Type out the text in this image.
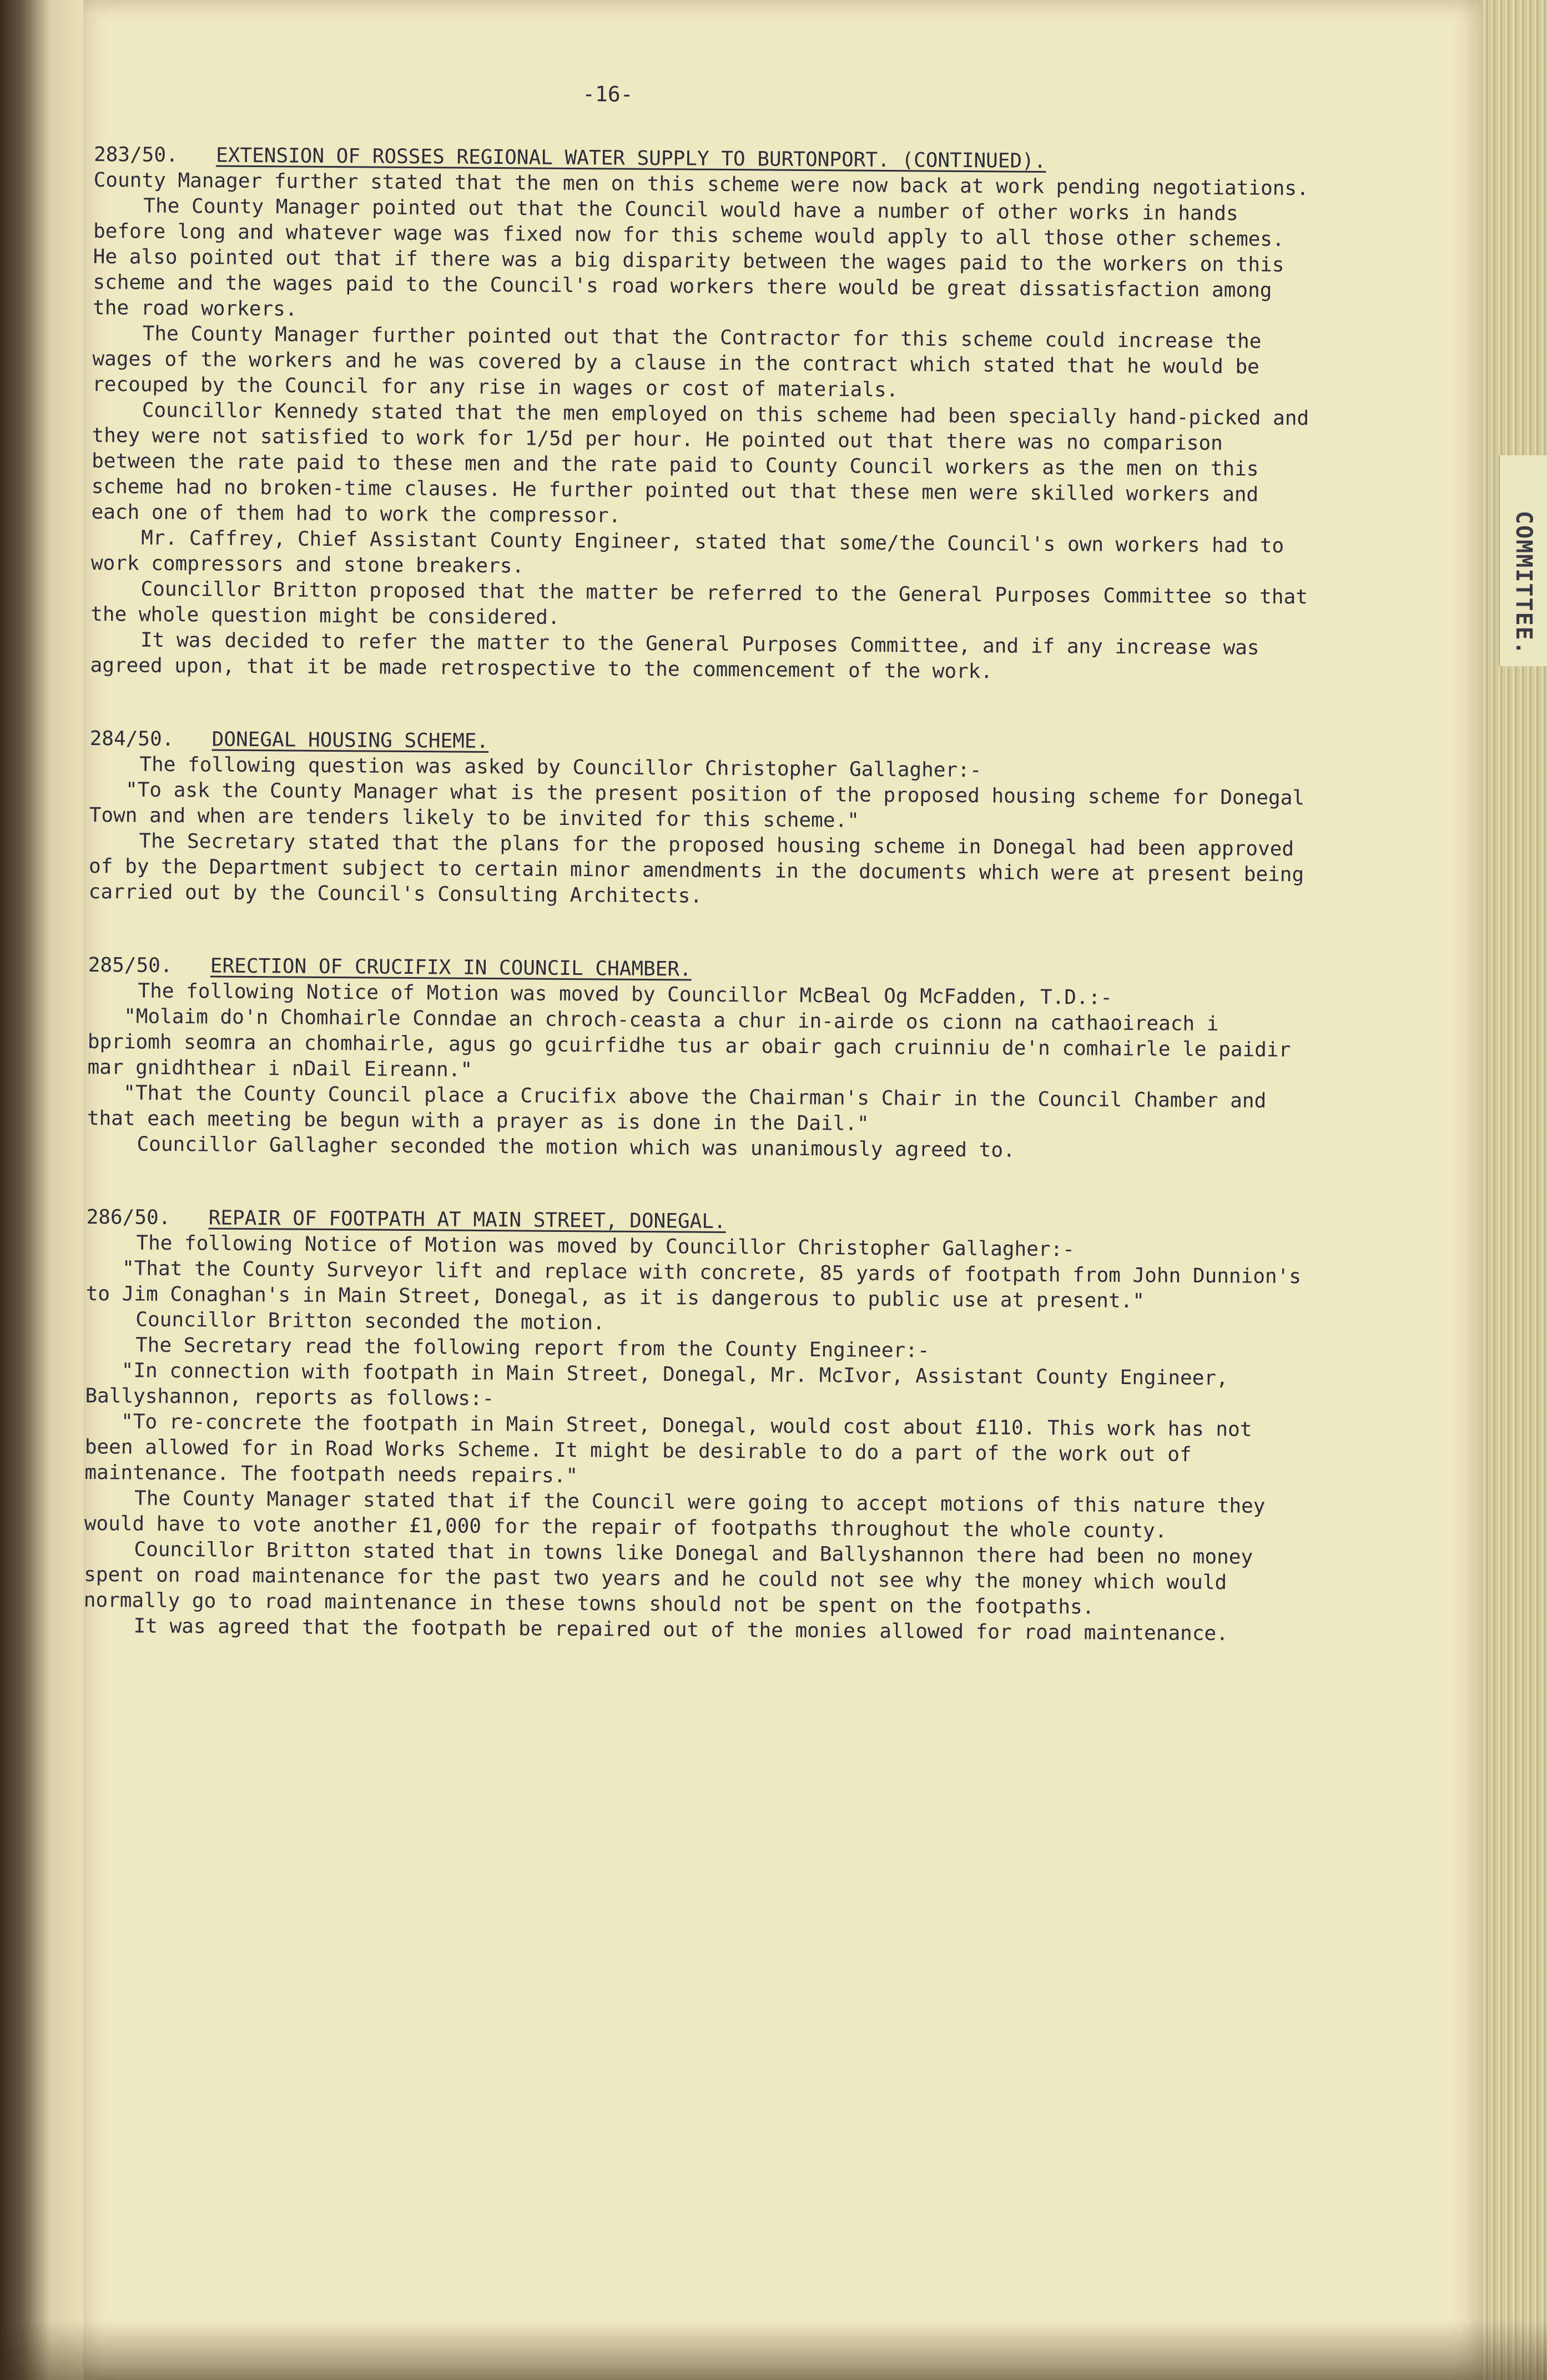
COMMITTEE.
-16-
283/50. EXTENSION OF ROSSES REGIONAL WATER SUPPLY TO BURTONPORT. (CONTINUED).

County Manager further stated that the men on this scheme were now back at work pending negotiations.

The County Manager pointed out that the Council would have a number of other works in hands before long and whatever wage was fixed now for this scheme would apply to all those other schemes. He also pointed out that if there was a big disparity between the wages paid to the workers on this scheme and the wages paid to the Council's road workers there would be great dissatisfaction among the road workers.

The County Manager further pointed out that the Contractor for this scheme could increase the wages of the workers and he was covered by a clause in the contract which stated that he would be recouped by the Council for any rise in wages or cost of materials.

Councillor Kennedy stated that the men employed on this scheme had been specially hand-picked and they were not satisfied to work for 1/5d per hour. He pointed out that there was no comparison between the rate paid to these men and the rate paid to County Council workers as the men on this scheme had no broken-time clauses. He further pointed out that these men were skilled workers and each one of them had to work the compressor.

Mr. Caffrey, Chief Assistant County Engineer, stated that some/the Council's own workers had to work compressors and stone breakers.

Councillor Britton proposed that the matter be referred to the General Purposes Committee so that the whole question might be considered.

It was decided to refer the matter to the General Purposes Committee, and if any increase was agreed upon, that it be made retrospective to the commencement of the work.

284/50. DONEGAL HOUSING SCHEME.

The following question was asked by Councillor Christopher Gallagher:-

"To ask the County Manager what is the present position of the proposed housing scheme for Donegal Town and when are tenders likely to be invited for this scheme."

The Secretary stated that the plans for the proposed housing scheme in Donegal had been approved of by the Department subject to certain minor amendments in the documents which were at present being carried out by the Council's Consulting Architects.

285/50. ERECTION OF CRUCIFIX IN COUNCIL CHAMBER.

The following Notice of Motion was moved by Councillor McBeal Og McFadden, T.D.:-

"Molaim do'n Chomhairle Conndae an chroch-ceasta a chur in-airde os cionn na cathaoireach i bpriomh seomra an chomhairle, agus go gcuirfidhe tus ar obair gach cruinniu de'n comhairle le paidir mar gnidhthear i nDail Eireann."

"That the County Council place a Crucifix above the Chairman's Chair in the Council Chamber and that each meeting be begun with a prayer as is done in the Dail."

Councillor Gallagher seconded the motion which was unanimously agreed to.

286/50. REPAIR OF FOOTPATH AT MAIN STREET, DONEGAL.

The following Notice of Motion was moved by Councillor Christopher Gallagher:-

"That the County Surveyor lift and replace with concrete, 85 yards of footpath from John Dunnion's to Jim Conaghan's in Main Street, Donegal, as it is dangerous to public use at present."

Councillor Britton seconded the motion.

The Secretary read the following report from the County Engineer:-

"In connection with footpath in Main Street, Donegal, Mr. McIvor, Assistant County Engineer, Ballyshannon, reports as follows:-

"To re-concrete the footpath in Main Street, Donegal, would cost about £110. This work has not been allowed for in Road Works Scheme. It might be desirable to do a part of the work out of maintenance. The footpath needs repairs."

The County Manager stated that if the Council were going to accept motions of this nature they would have to vote another £1,000 for the repair of footpaths throughout the whole county.

Councillor Britton stated that in towns like Donegal and Ballyshannon there had been no money spent on road maintenance for the past two years and he could not see why the money which would normally go to road maintenance in these towns should not be spent on the footpaths.

It was agreed that the footpath be repaired out of the monies allowed for road maintenance.
